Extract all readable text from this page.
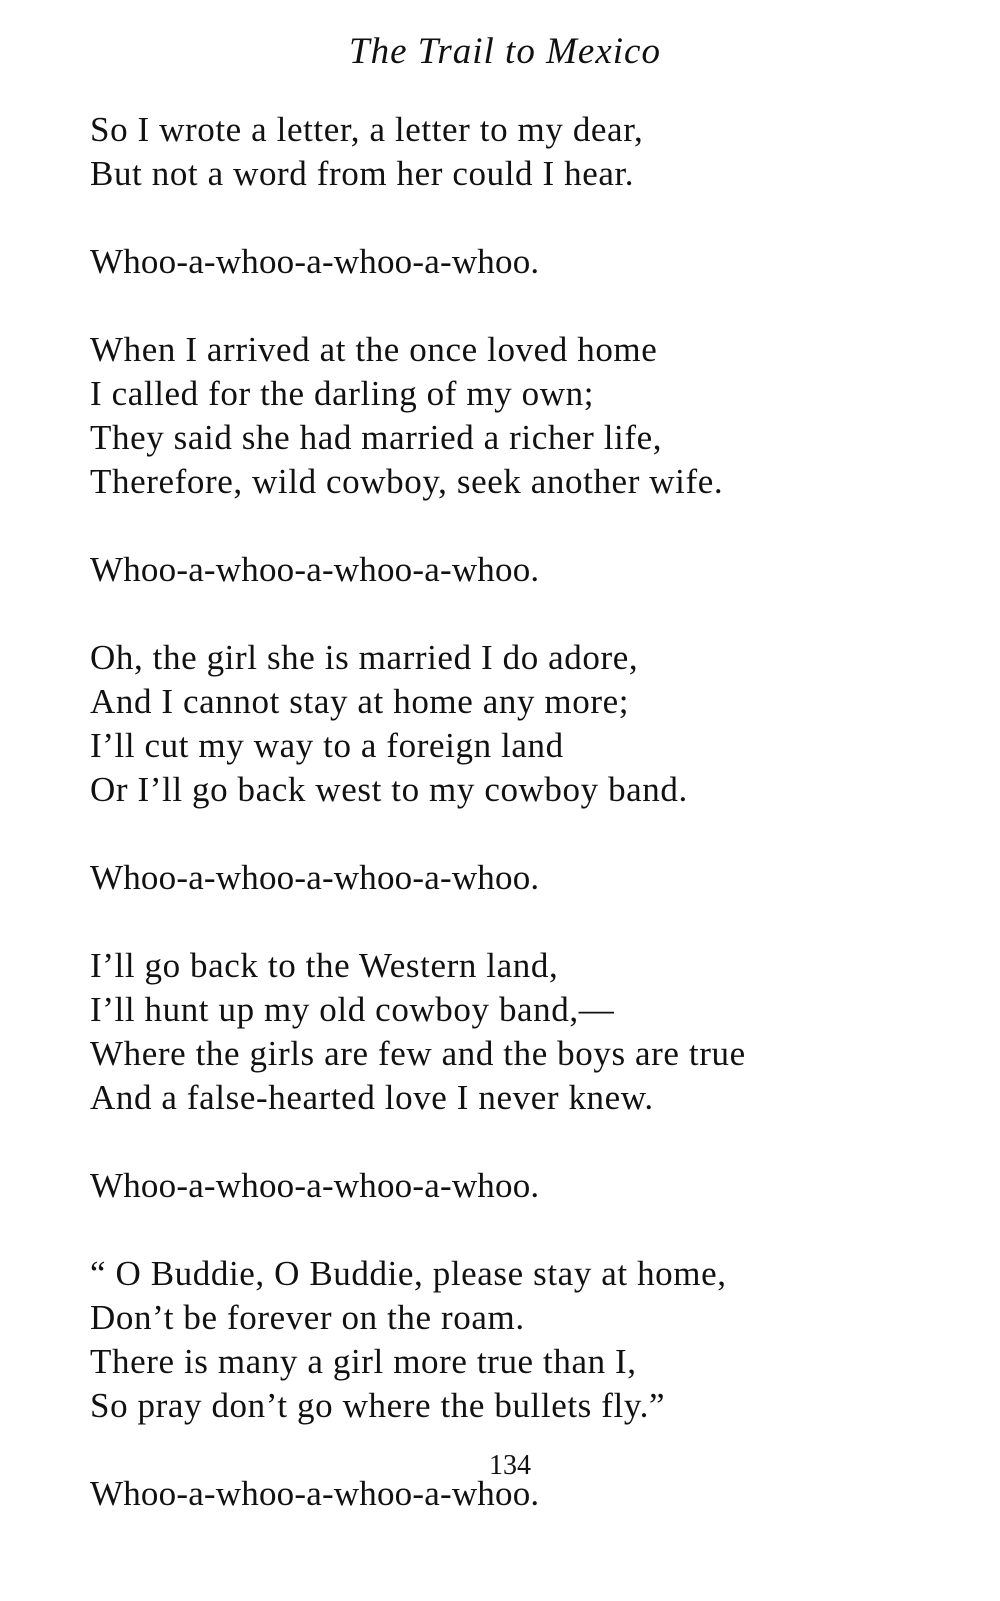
The Trail to Mexico
So I wrote a letter, a letter to my dear,
But not a word from her could I hear.
Whoo-a-whoo-a-whoo-a-whoo.
When I arrived at the once loved home
I called for the darling of my own;
They said she had married a richer life,
Therefore, wild cowboy, seek another wife.
Whoo-a-whoo-a-whoo-a-whoo.
Oh, the girl she is married I do adore,
And I cannot stay at home any more;
I’ll cut my way to a foreign land
Or I’ll go back west to my cowboy band.
Whoo-a-whoo-a-whoo-a-whoo.
I’ll go back to the Western land,
I’ll hunt up my old cowboy band,—
Where the girls are few and the boys are true
And a false-hearted love I never knew.
Whoo-a-whoo-a-whoo-a-whoo.
“ O Buddie, O Buddie, please stay at home,
Don’t be forever on the roam.
There is many a girl more true than I,
So pray don’t go where the bullets fly.”
Whoo-a-whoo-a-whoo-a-whoo.
134
